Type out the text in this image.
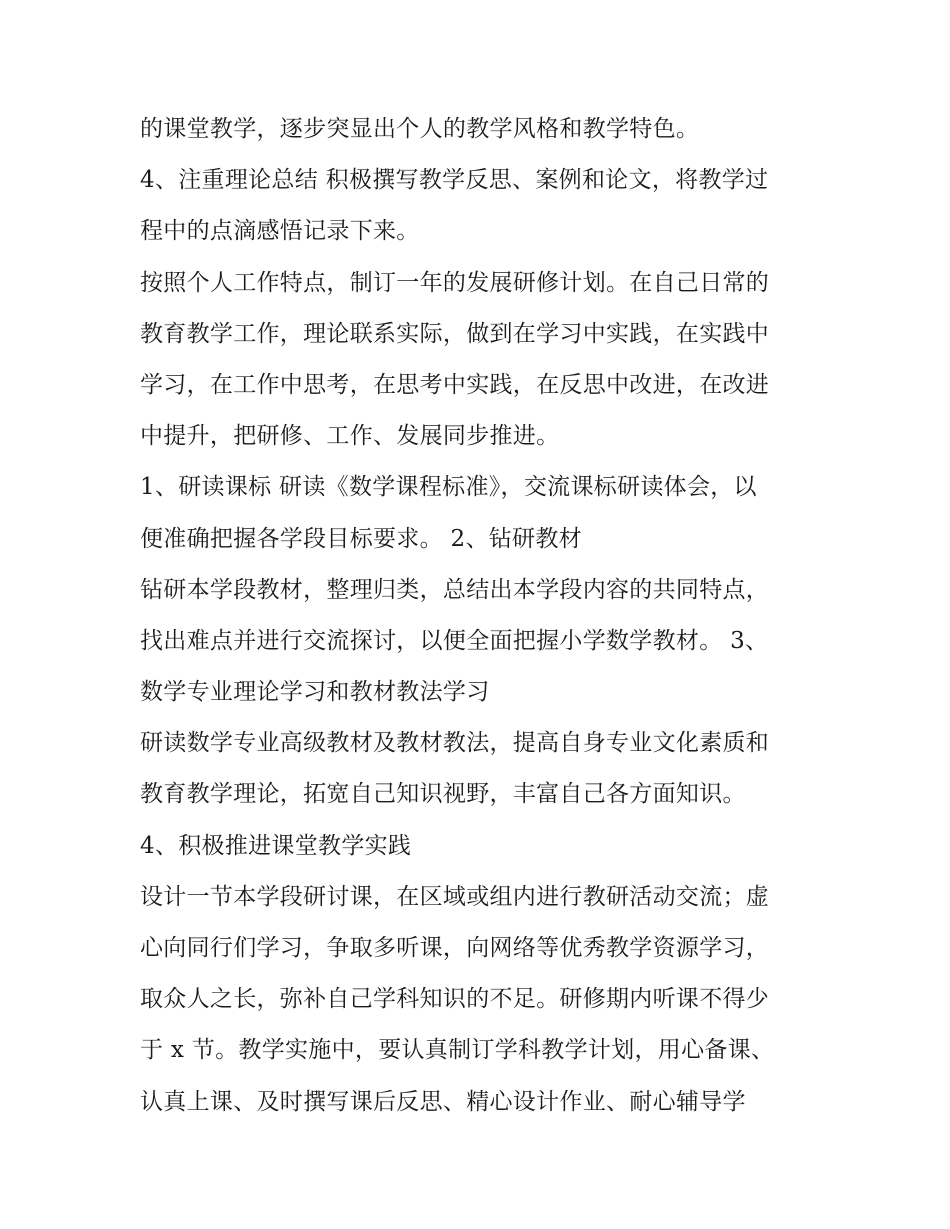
的课堂教学，逐步突显出个人的教学风格和教学特色。
4、注重理论总结 积极撰写教学反思、案例和论文，将教学过
程中的点滴感悟记录下来。
按照个人工作特点，制订一年的发展研修计划。在自己日常的
教育教学工作，理论联系实际，做到在学习中实践，在实践中
学习，在工作中思考，在思考中实践，在反思中改进，在改进
中提升，把研修、工作、发展同步推进。
1、研读课标 研读《数学课程标准》，交流课标研读体会，以
便准确把握各学段目标要求。 2、钻研教材
钻研本学段教材，整理归类，总结出本学段内容的共同特点，
找出难点并进行交流探讨，以便全面把握小学数学教材。 3、
数学专业理论学习和教材教法学习
研读数学专业高级教材及教材教法，提高自身专业文化素质和
教育教学理论，拓宽自己知识视野，丰富自己各方面知识。
4、积极推进课堂教学实践
设计一节本学段研讨课，在区域或组内进行教研活动交流；虚
心向同行们学习，争取多听课，向网络等优秀教学资源学习，
取众人之长，弥补自己学科知识的不足。研修期内听课不得少
于 x 节。教学实施中，要认真制订学科教学计划，用心备课、
认真上课、及时撰写课后反思、精心设计作业、耐心辅导学
